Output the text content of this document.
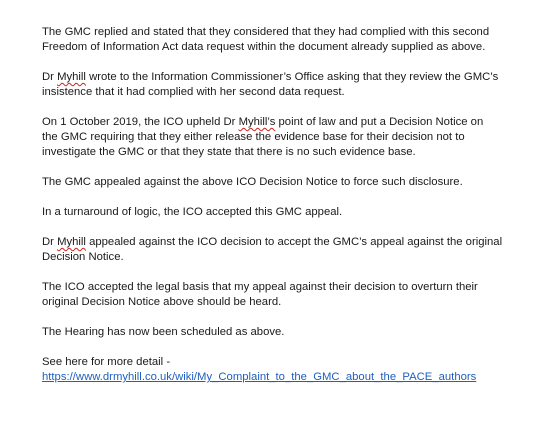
The GMC replied and stated that they considered that they had complied with this second
Freedom of Information Act data request within the document already supplied as above.

Dr Myhill wrote to the Information Commissioner’s Office asking that they review the GMC’s
insistence that it had complied with her second data request.

On 1 October 2019, the ICO upheld Dr Myhill’s point of law and put a Decision Notice on
the GMC requiring that they either release the evidence base for their decision not to
investigate the GMC or that they state that there is no such evidence base.

The GMC appealed against the above ICO Decision Notice to force such disclosure.

In a turnaround of logic, the ICO accepted this GMC appeal.

Dr Myhill appealed against the ICO decision to accept the GMC’s appeal against the original
Decision Notice.

The ICO accepted the legal basis that my appeal against their decision to overturn their
original Decision Notice above should be heard.

The Hearing has now been scheduled as above.

See here for more detail -
https://www.drmyhill.co.uk/wiki/My_Complaint_to_the_GMC_about_the_PACE_authors
